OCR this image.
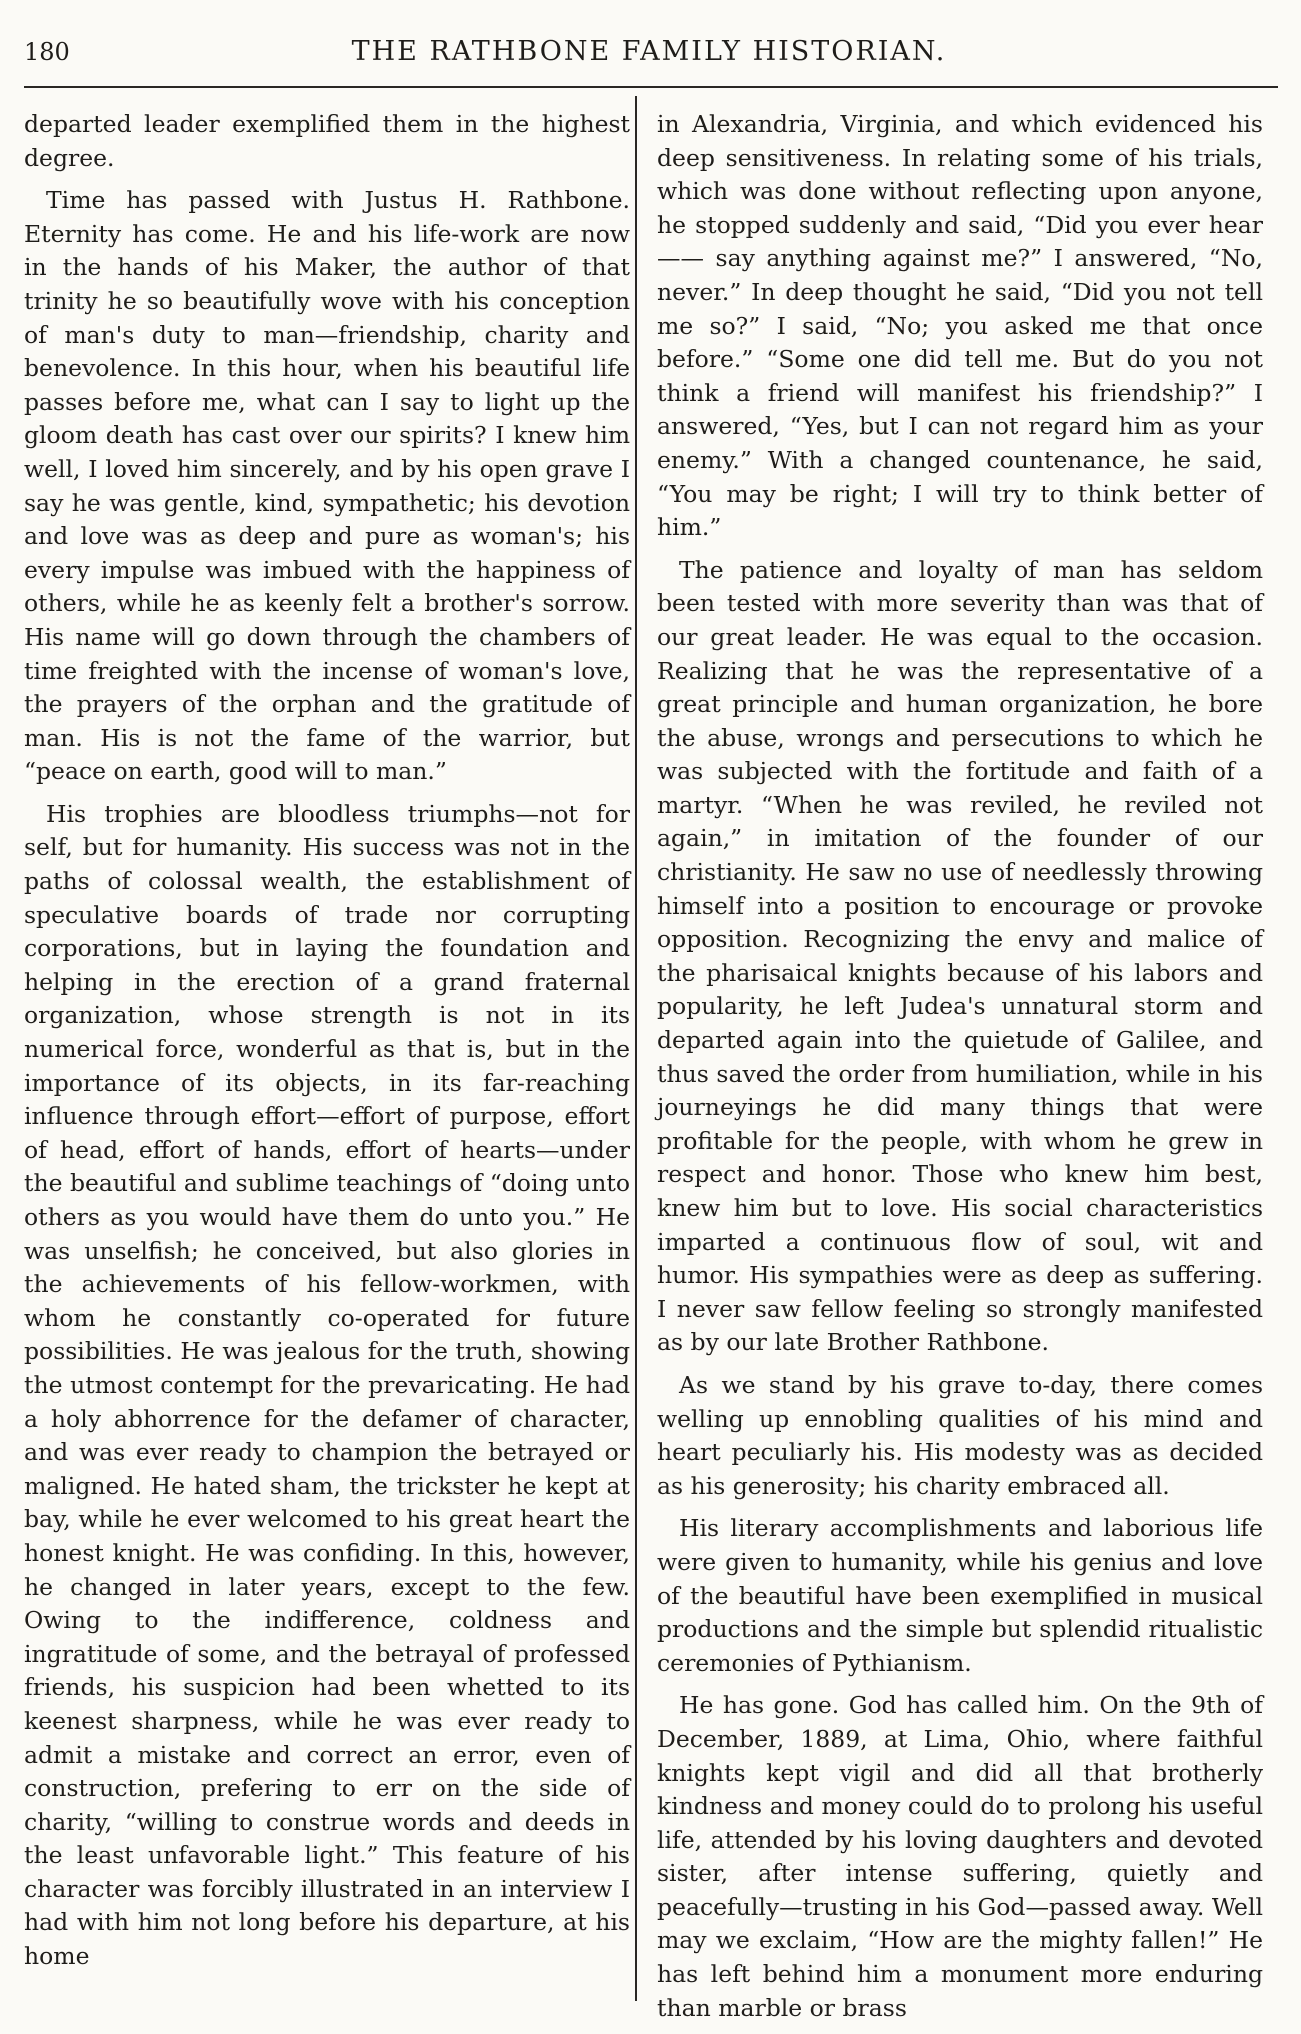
180	THE RATHBONE FAMILY HISTORIAN.

departed leader exemplified them in the highest degree.

Time has passed with Justus H. Rathbone. Eternity has come. He and his life-work are now in the hands of his Maker, the author of that trinity he so beautifully wove with his conception of man's duty to man—friendship, charity and benevolence. In this hour, when his beautiful life passes before me, what can I say to light up the gloom death has cast over our spirits? I knew him well, I loved him sincerely, and by his open grave I say he was gentle, kind, sympathetic; his devotion and love was as deep and pure as woman's; his every impulse was imbued with the happiness of others, while he as keenly felt a brother's sorrow. His name will go down through the chambers of time freighted with the incense of woman's love, the prayers of the orphan and the gratitude of man. His is not the fame of the warrior, but “peace on earth, good will to man.”

His trophies are bloodless triumphs—not for self, but for humanity. His success was not in the paths of colossal wealth, the establishment of speculative boards of trade nor corrupting corporations, but in laying the foundation and helping in the erection of a grand fraternal organization, whose strength is not in its numerical force, wonderful as that is, but in the importance of its objects, in its far-reaching influence through effort—effort of purpose, effort of head, effort of hands, effort of hearts—under the beautiful and sublime teachings of “doing unto others as you would have them do unto you.” He was unselfish; he conceived, but also glories in the achievements of his fellow-workmen, with whom he constantly co-operated for future possibilities. He was jealous for the truth, showing the utmost contempt for the prevaricating. He had a holy abhorrence for the defamer of character, and was ever ready to champion the betrayed or maligned. He hated sham, the trickster he kept at bay, while he ever welcomed to his great heart the honest knight. He was confiding. In this, however, he changed in later years, except to the few. Owing to the indifference, coldness and ingratitude of some, and the betrayal of professed friends, his suspicion had been whetted to its keenest sharpness, while he was ever ready to admit a mistake and correct an error, even of construction, prefering to err on the side of charity, “willing to construe words and deeds in the least unfavorable light.” This feature of his character was forcibly illustrated in an interview I had with him not long before his departure, at his home

in Alexandria, Virginia, and which evidenced his deep sensitiveness. In relating some of his trials, which was done without reflecting upon anyone, he stopped suddenly and said, “Did you ever hear —— say anything against me?” I answered, “No, never.” In deep thought he said, “Did you not tell me so?” I said, “No; you asked me that once before.” “Some one did tell me. But do you not think a friend will manifest his friendship?” I answered, “Yes, but I can not regard him as your enemy.” With a changed countenance, he said, “You may be right; I will try to think better of him.”

The patience and loyalty of man has seldom been tested with more severity than was that of our great leader. He was equal to the occasion. Realizing that he was the representative of a great principle and human organization, he bore the abuse, wrongs and persecutions to which he was subjected with the fortitude and faith of a martyr. “When he was reviled, he reviled not again,” in imitation of the founder of our christianity. He saw no use of needlessly throwing himself into a position to encourage or provoke opposition. Recognizing the envy and malice of the pharisaical knights because of his labors and popularity, he left Judea's unnatural storm and departed again into the quietude of Galilee, and thus saved the order from humiliation, while in his journeyings he did many things that were profitable for the people, with whom he grew in respect and honor. Those who knew him best, knew him but to love. His social characteristics imparted a continuous flow of soul, wit and humor. His sympathies were as deep as suffering. I never saw fellow feeling so strongly manifested as by our late Brother Rathbone.

As we stand by his grave to-day, there comes welling up ennobling qualities of his mind and heart peculiarly his. His modesty was as decided as his generosity; his charity embraced all.

His literary accomplishments and laborious life were given to humanity, while his genius and love of the beautiful have been exemplified in musical productions and the simple but splendid ritualistic ceremonies of Pythianism.

He has gone. God has called him. On the 9th of December, 1889, at Lima, Ohio, where faithful knights kept vigil and did all that brotherly kindness and money could do to prolong his useful life, attended by his loving daughters and devoted sister, after intense suffering, quietly and peacefully—trusting in his God—passed away. Well may we exclaim, “How are the mighty fallen!” He has left behind him a monument more enduring than marble or brass
